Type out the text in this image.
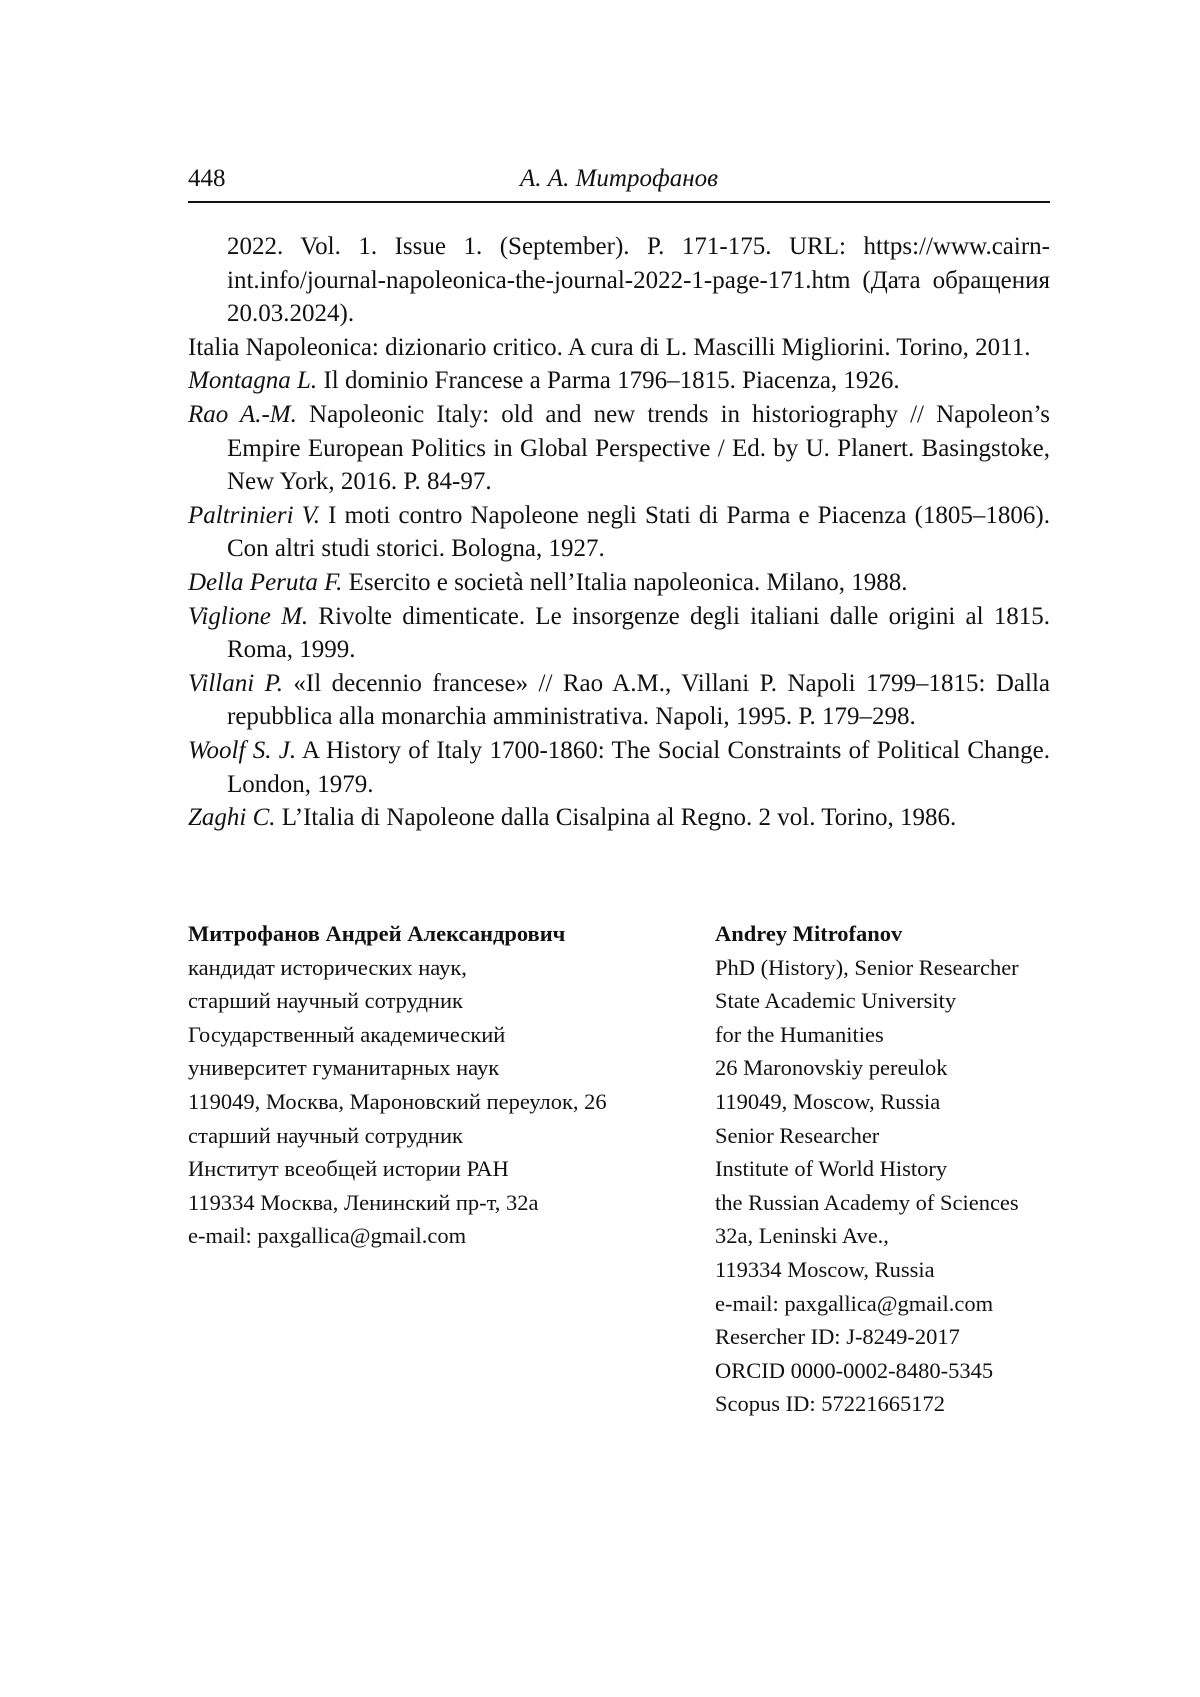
448	А. А. Митрофанов

2022. Vol. 1. Issue 1. (September). P. 171-175. URL: https://www.cairn-int.info/journal-napoleonica-the-journal-2022-1-page-171.htm (Дата обращения 20.03.2024).

Italia Napoleonica: dizionario critico. A cura di L. Mascilli Migliorini. Torino, 2011.

Montagna L. Il dominio Francese a Parma 1796–1815. Piacenza, 1926.

Rao A.-M. Napoleonic Italy: old and new trends in historiography // Napoleon’s Empire European Politics in Global Perspective / Ed. by U. Planert. Basingstoke, New York, 2016. P. 84-97.

Paltrinieri V. I moti contro Napoleone negli Stati di Parma e Piacenza (1805–1806). Con altri studi storici. Bologna, 1927.

Della Peruta F. Esercito e società nell’Italia napoleonica. Milano, 1988.

Viglione M. Rivolte dimenticate. Le insorgenze degli italiani dalle origini al 1815. Roma, 1999.

Villani P. «Il decennio francese» // Rao A.M., Villani P. Napoli 1799–1815: Dalla repubblica alla monarchia amministrativa. Napoli, 1995. P. 179–298.

Woolf S. J. A History of Italy 1700-1860: The Social Constraints of Political Change. London, 1979.

Zaghi C. L’Italia di Napoleone dalla Cisalpina al Regno. 2 vol. Torino, 1986.

Митрофанов Андрей Александрович

кандидат исторических наук,

старший научный сотрудник

Государственный академический

университет гуманитарных наук

119049, Москва, Мароновский переулок, 26

старший научный сотрудник

Институт всеобщей истории РАН

119334 Москва, Ленинский пр-т, 32а

e-mail: paxgallica@gmail.com

Andrey Mitrofanov

PhD (History), Senior Researcher

State Academic University

for the Humanities

26 Maronovskiy pereulok

119049, Moscow, Russia

Senior Researcher

Institute of World History

the Russian Academy of Sciences

32a, Leninski Ave.,

119334 Moscow, Russia

e-mail: paxgallica@gmail.com

Resercher ID: J-8249-2017

ORCID 0000-0002-8480-5345

Scopus ID: 57221665172
